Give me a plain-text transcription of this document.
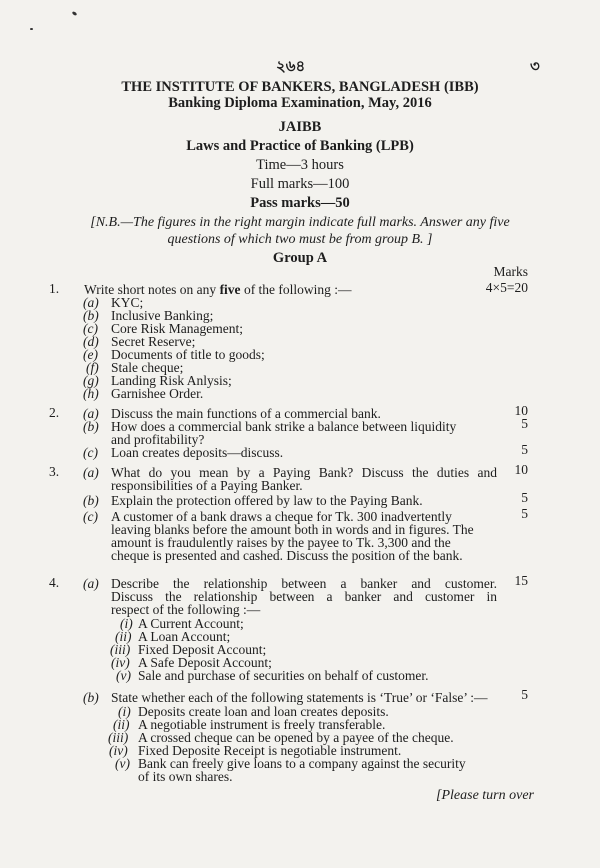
২৬৪	৩
THE INSTITUTE OF BANKERS, BANGLADESH (IBB)
Banking Diploma Examination, May, 2016
JAIBB
Laws and Practice of Banking (LPB)
Time—3 hours
Full marks—100
Pass marks—50
[N.B.—The figures in the right margin indicate full marks. Answer any five
questions of which two must be from group B. ]
Group A
Marks
1. Write short notes on any five of the following :—	4×5=20
(a) KYC;
(b) Inclusive Banking;
(c) Core Risk Management;
(d) Secret Reserve;
(e) Documents of title to goods;
(f) Stale cheque;
(g) Landing Risk Anlysis;
(h) Garnishee Order.
2. (a) Discuss the main functions of a commercial bank.	10
(b) How does a commercial bank strike a balance between liquidity
and profitability?
5
(c) Loan creates deposits—discuss.	5
3. (a) What do you mean by a Paying Bank? Discuss the duties and
responsibilities of a Paying Banker.
10
(b) Explain the protection offered by law to the Paying Bank.	5
(c) A customer of a bank draws a cheque for Tk. 300 inadvertently
leaving blanks before the amount both in words and in figures. The
amount is fraudulently raises by the payee to Tk. 3,300 and the
cheque is presented and cashed. Discuss the position of the bank.
5
4. (a) Describe the relationship between a banker and customer.
Discuss the relationship between a banker and customer in
respect of the following :—
15
(i) A Current Account;
(ii) A Loan Account;
(iii) Fixed Deposit Account;
(iv) A Safe Deposit Account;
(v) Sale and purchase of securities on behalf of customer.
(b) State whether each of the following statements is ‘True’ or ‘False’ :— 5
(i) Deposits create loan and loan creates deposits.
(ii) A negotiable instrument is freely transferable.
(iii) A crossed cheque can be opened by a payee of the cheque.
(iv) Fixed Deposite Receipt is negotiable instrument.
(v) Bank can freely give loans to a company against the security
of its own shares.
[Please turn over
